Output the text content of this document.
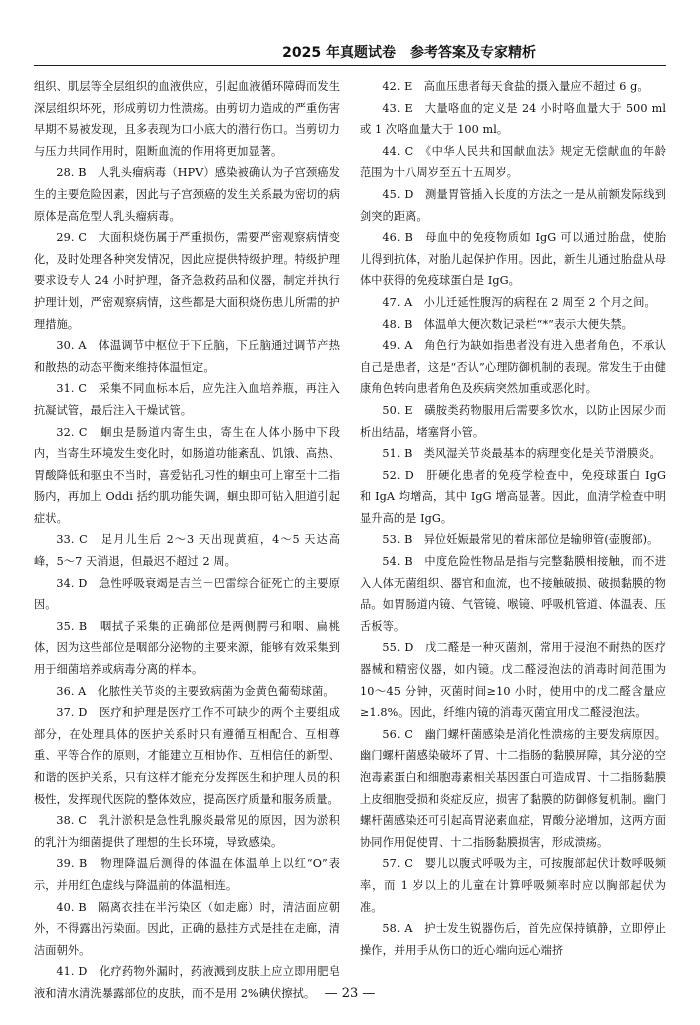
2025 年真题试卷　参考答案及专家精析

组织、肌层等全层组织的血液供应，引起血液循环障碍而发生深层组织坏死，形成剪切力性溃疡。由剪切力造成的严重伤害早期不易被发现，且多表现为口小底大的潜行伤口。当剪切力与压力共同作用时，阻断血流的作用将更加显著。

28. B　人乳头瘤病毒（HPV）感染被确认为子宫颈癌发生的主要危险因素，因此与子宫颈癌的发生关系最为密切的病原体是高危型人乳头瘤病毒。

29. C　大面积烧伤属于严重损伤，需要严密观察病情变化，及时处理各种突发情况，因此应提供特级护理。特级护理要求设专人 24 小时护理，备齐急救药品和仪器，制定并执行护理计划，严密观察病情，这些都是大面积烧伤患儿所需的护理措施。

30. A　体温调节中枢位于下丘脑，下丘脑通过调节产热和散热的动态平衡来维持体温恒定。

31. C　采集不同血标本后，应先注入血培养瓶，再注入抗凝试管，最后注入干燥试管。

32. C　蛔虫是肠道内寄生虫，寄生在人体小肠中下段内，当寄生环境发生变化时，如肠道功能紊乱、饥饿、高热、胃酸降低和驱虫不当时，喜爱钻孔习性的蛔虫可上窜至十二指肠内，再加上 Oddi 括约肌功能失调，蛔虫即可钻入胆道引起症状。

33. C　足月儿生后 2～3 天出现黄疸，4～5 天达高峰，5～7 天消退，但最迟不超过 2 周。

34. D　急性呼吸衰竭是吉兰－巴雷综合征死亡的主要原因。

35. B　咽拭子采集的正确部位是两侧腭弓和咽、扁桃体，因为这些部位是咽部分泌物的主要来源，能够有效采集到用于细菌培养或病毒分离的样本。

36. A　化脓性关节炎的主要致病菌为金黄色葡萄球菌。

37. D　医疗和护理是医疗工作不可缺少的两个主要组成部分，在处理具体的医护关系时只有遵循互相配合、互相尊重、平等合作的原则，才能建立互相协作、互相信任的新型、和谐的医护关系，只有这样才能充分发挥医生和护理人员的积极性，发挥现代医院的整体效应，提高医疗质量和服务质量。

38. C　乳汁淤积是急性乳腺炎最常见的原因，因为淤积的乳汁为细菌提供了理想的生长环境，导致感染。

39. B　物理降温后测得的体温在体温单上以红“O”表示，并用红色虚线与降温前的体温相连。

40. B　隔离衣挂在半污染区（如走廊）时，清洁面应朝外，不得露出污染面。因此，正确的悬挂方式是挂在走廊，清洁面朝外。

41. D　化疗药物外漏时，药液溅到皮肤上应立即用肥皂液和清水清洗暴露部位的皮肤，而不是用 2%碘伏擦拭。

42. E　高血压患者每天食盐的摄入量应不超过 6 g。

43. E　大量咯血的定义是 24 小时咯血量大于 500 ml 或 1 次咯血量大于 100 ml。

44. C　《中华人民共和国献血法》规定无偿献血的年龄范围为十八周岁至五十五周岁。

45. D　测量胃管插入长度的方法之一是从前额发际线到剑突的距离。

46. B　母血中的免疫物质如 IgG 可以通过胎盘，使胎儿得到抗体，对胎儿起保护作用。因此，新生儿通过胎盘从母体中获得的免疫球蛋白是 IgG。

47. A　小儿迁延性腹泻的病程在 2 周至 2 个月之间。

48. B　体温单大便次数记录栏“*”表示大便失禁。

49. A　角色行为缺如指患者没有进入患者角色，不承认自己是患者，这是“否认”心理防御机制的表现。常发生于由健康角色转向患者角色及疾病突然加重或恶化时。

50. E　磺胺类药物服用后需要多饮水，以防止因尿少而析出结晶，堵塞肾小管。

51. B　类风湿关节炎最基本的病理变化是关节滑膜炎。

52. D　肝硬化患者的免疫学检查中，免疫球蛋白 IgG 和 IgA 均增高，其中 IgG 增高显著。因此，血清学检查中明显升高的是 IgG。

53. B　异位妊娠最常见的着床部位是输卵管(壶腹部)。

54. B　中度危险性物品是指与完整黏膜相接触，而不进入人体无菌组织、器官和血流，也不接触破损、破损黏膜的物品。如胃肠道内镜、气管镜、喉镜、呼吸机管道、体温表、压舌板等。

55. D　戊二醛是一种灭菌剂，常用于浸泡不耐热的医疗器械和精密仪器，如内镜。戊二醛浸泡法的消毒时间范围为 10～45 分钟，灭菌时间≥10 小时，使用中的戊二醛含量应≥1.8%。因此，纤维内镜的消毒灭菌宜用戊二醛浸泡法。

56. C　幽门螺杆菌感染是消化性溃疡的主要发病原因。幽门螺杆菌感染破坏了胃、十二指肠的黏膜屏障，其分泌的空泡毒素蛋白和细胞毒素相关基因蛋白可造成胃、十二指肠黏膜上皮细胞受损和炎症反应，损害了黏膜的防御修复机制。幽门螺杆菌感染还可引起高胃泌素血症，胃酸分泌增加，这两方面协同作用促使胃、十二指肠黏膜损害，形成溃疡。

57. C　婴儿以腹式呼吸为主，可按腹部起伏计数呼吸频率，而 1 岁以上的儿童在计算呼吸频率时应以胸部起伏为准。

58. A　护士发生锐器伤后，首先应保持镇静，立即停止操作，并用手从伤口的近心端向远心端挤

— 23 —
